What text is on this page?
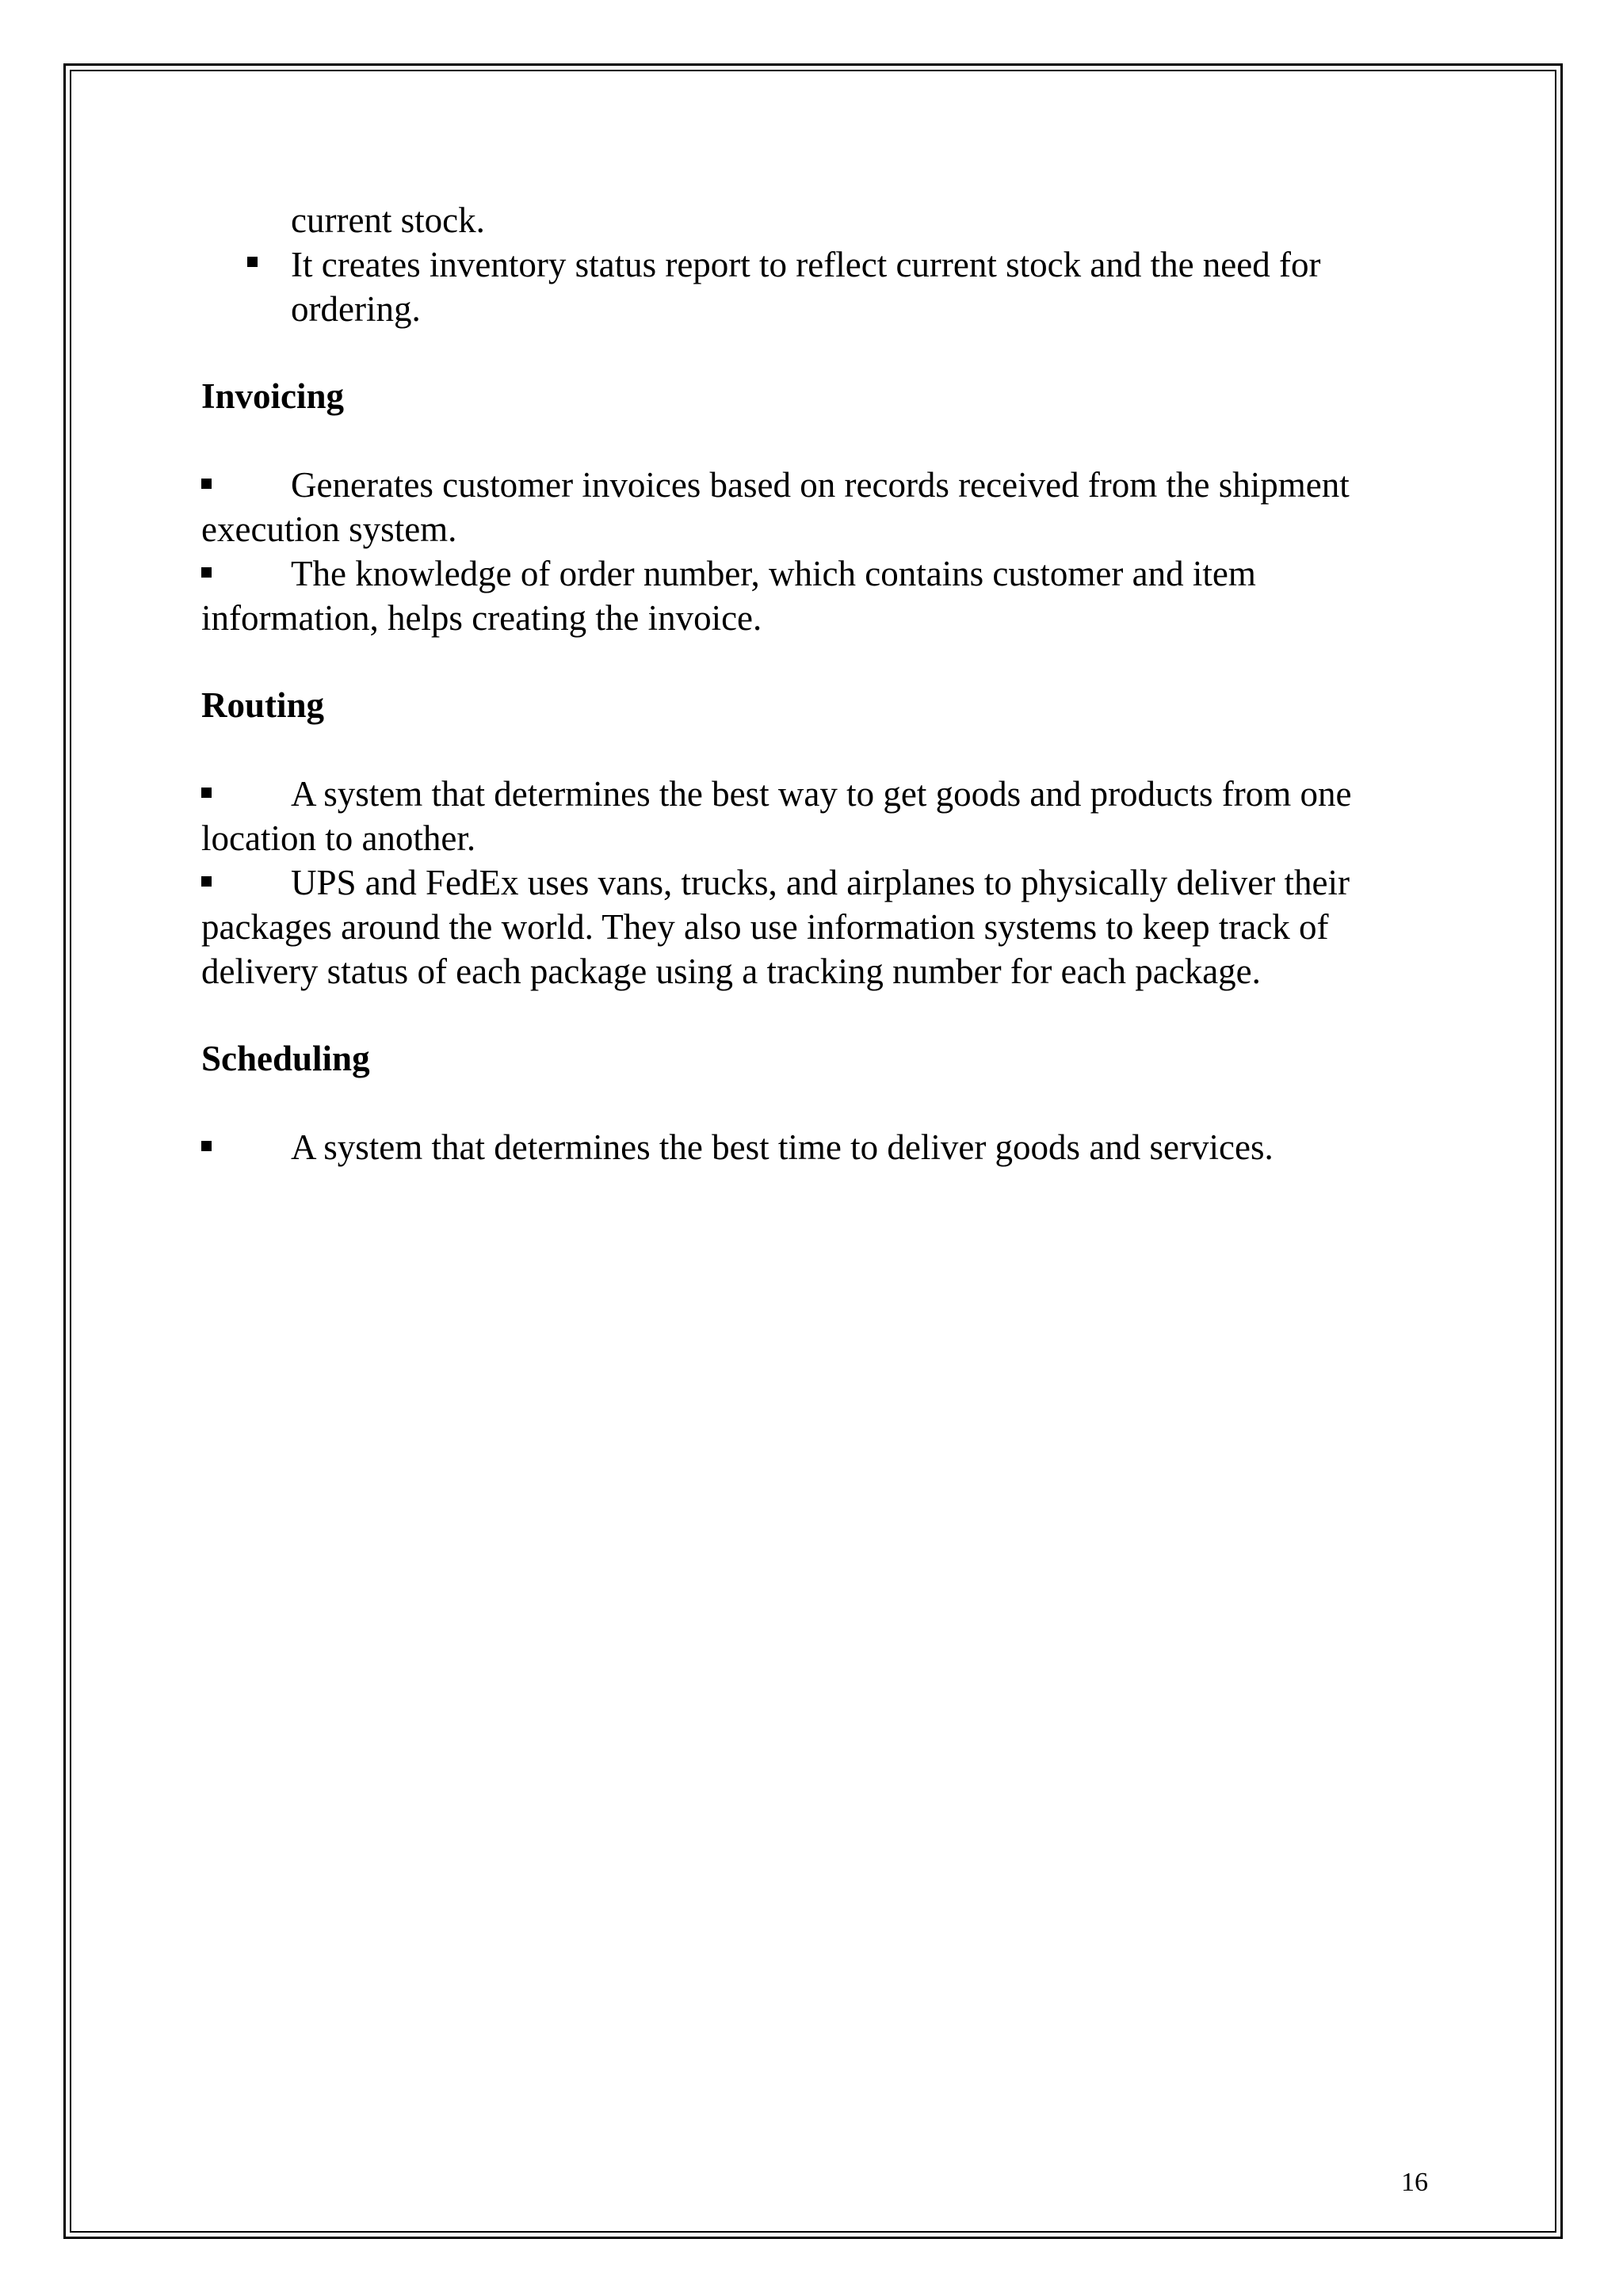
current stock.
It creates inventory status report to reflect current stock and the need for ordering.
Invoicing

Generates customer invoices based on records received from the shipment execution system.

The knowledge of order number, which contains customer and item information, helps creating the invoice.

Routing

A system that determines the best way to get goods and products from one location to another.

UPS and FedEx uses vans, trucks, and airplanes to physically deliver their packages around the world. They also use information systems to keep track of delivery status of each package using a tracking number for each package.

Scheduling

A system that determines the best time to deliver goods and services.

16
